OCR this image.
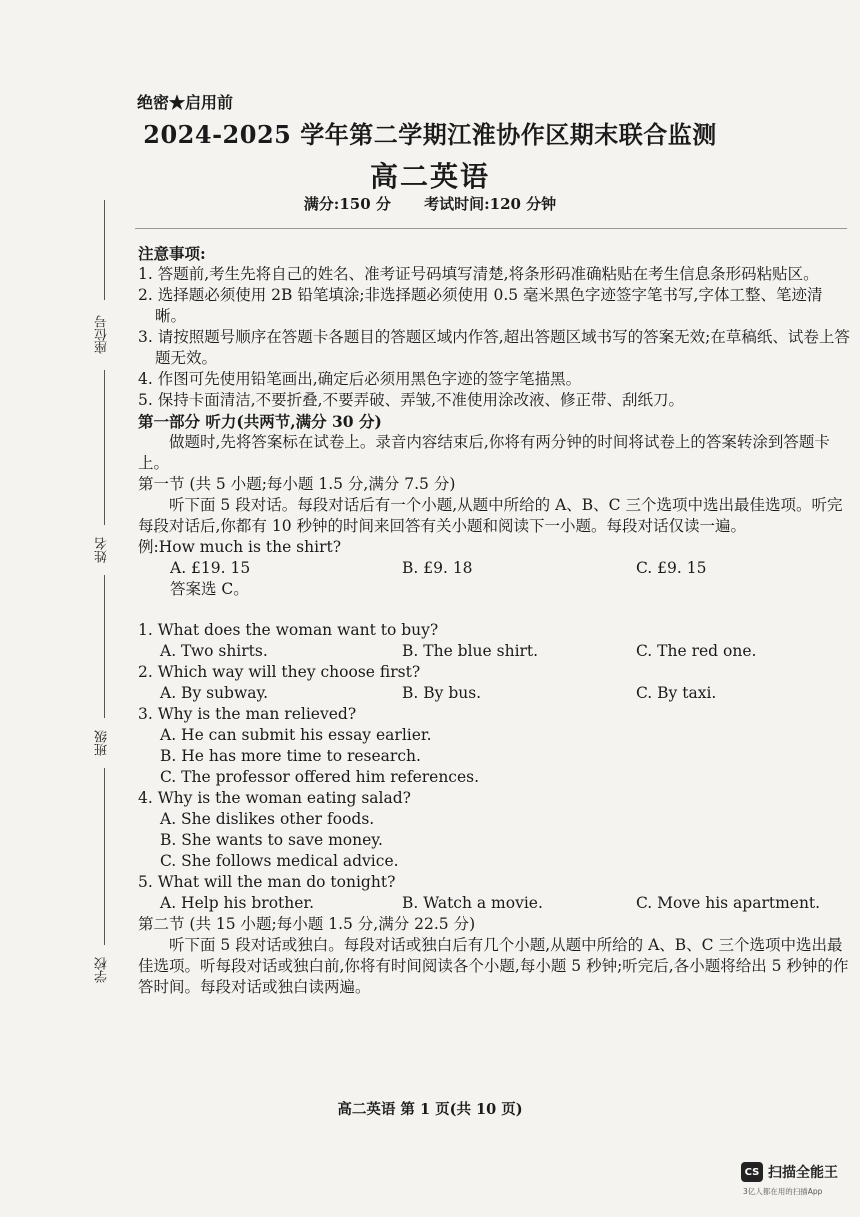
绝密★启用前
2024-2025 学年第二学期江淮协作区期末联合监测
高二英语
满分:150 分 考试时间:120 分钟
座位号
姓名
班级
学校

注意事项:

1. 答题前,考生先将自己的姓名、准考证号码填写清楚,将条形码准确粘贴在考生信息条形码粘贴区。

2. 选择题必须使用 2B 铅笔填涂;非选择题必须使用 0.5 毫米黑色字迹签字笔书写,字体工整、笔迹清晰。

3. 请按照题号顺序在答题卡各题目的答题区域内作答,超出答题区域书写的答案无效;在草稿纸、试卷上答题无效。

4. 作图可先使用铅笔画出,确定后必须用黑色字迹的签字笔描黑。

5. 保持卡面清洁,不要折叠,不要弄破、弄皱,不准使用涂改液、修正带、刮纸刀。

第一部分 听力(共两节,满分 30 分)

做题时,先将答案标在试卷上。录音内容结束后,你将有两分钟的时间将试卷上的答案转涂到答题卡上。

第一节 (共 5 小题;每小题 1.5 分,满分 7.5 分)

听下面 5 段对话。每段对话后有一个小题,从题中所给的 A、B、C 三个选项中选出最佳选项。听完每段对话后,你都有 10 秒钟的时间来回答有关小题和阅读下一小题。每段对话仅读一遍。

例:How much is the shirt?

A. £19. 15	B. £9. 18	C. £9. 15

答案选 C。

1. What does the woman want to buy?

A. Two shirts.	B. The blue shirt.	C. The red one.

2. Which way will they choose first?

A. By subway.	B. By bus.	C. By taxi.

3. Why is the man relieved?

A. He can submit his essay earlier.

B. He has more time to research.

C. The professor offered him references.

4. Why is the woman eating salad?

A. She dislikes other foods.

B. She wants to save money.

C. She follows medical advice.

5. What will the man do tonight?

A. Help his brother.	B. Watch a movie.	C. Move his apartment.

第二节 (共 15 小题;每小题 1.5 分,满分 22.5 分)

听下面 5 段对话或独白。每段对话或独白后有几个小题,从题中所给的 A、B、C 三个选项中选出最佳选项。听每段对话或独白前,你将有时间阅读各个小题,每小题 5 秒钟;听完后,各小题将给出 5 秒钟的作答时间。每段对话或独白读两遍。

高二英语 第 1 页(共 10 页)
CS 扫描全能王
3亿人都在用的扫描App
